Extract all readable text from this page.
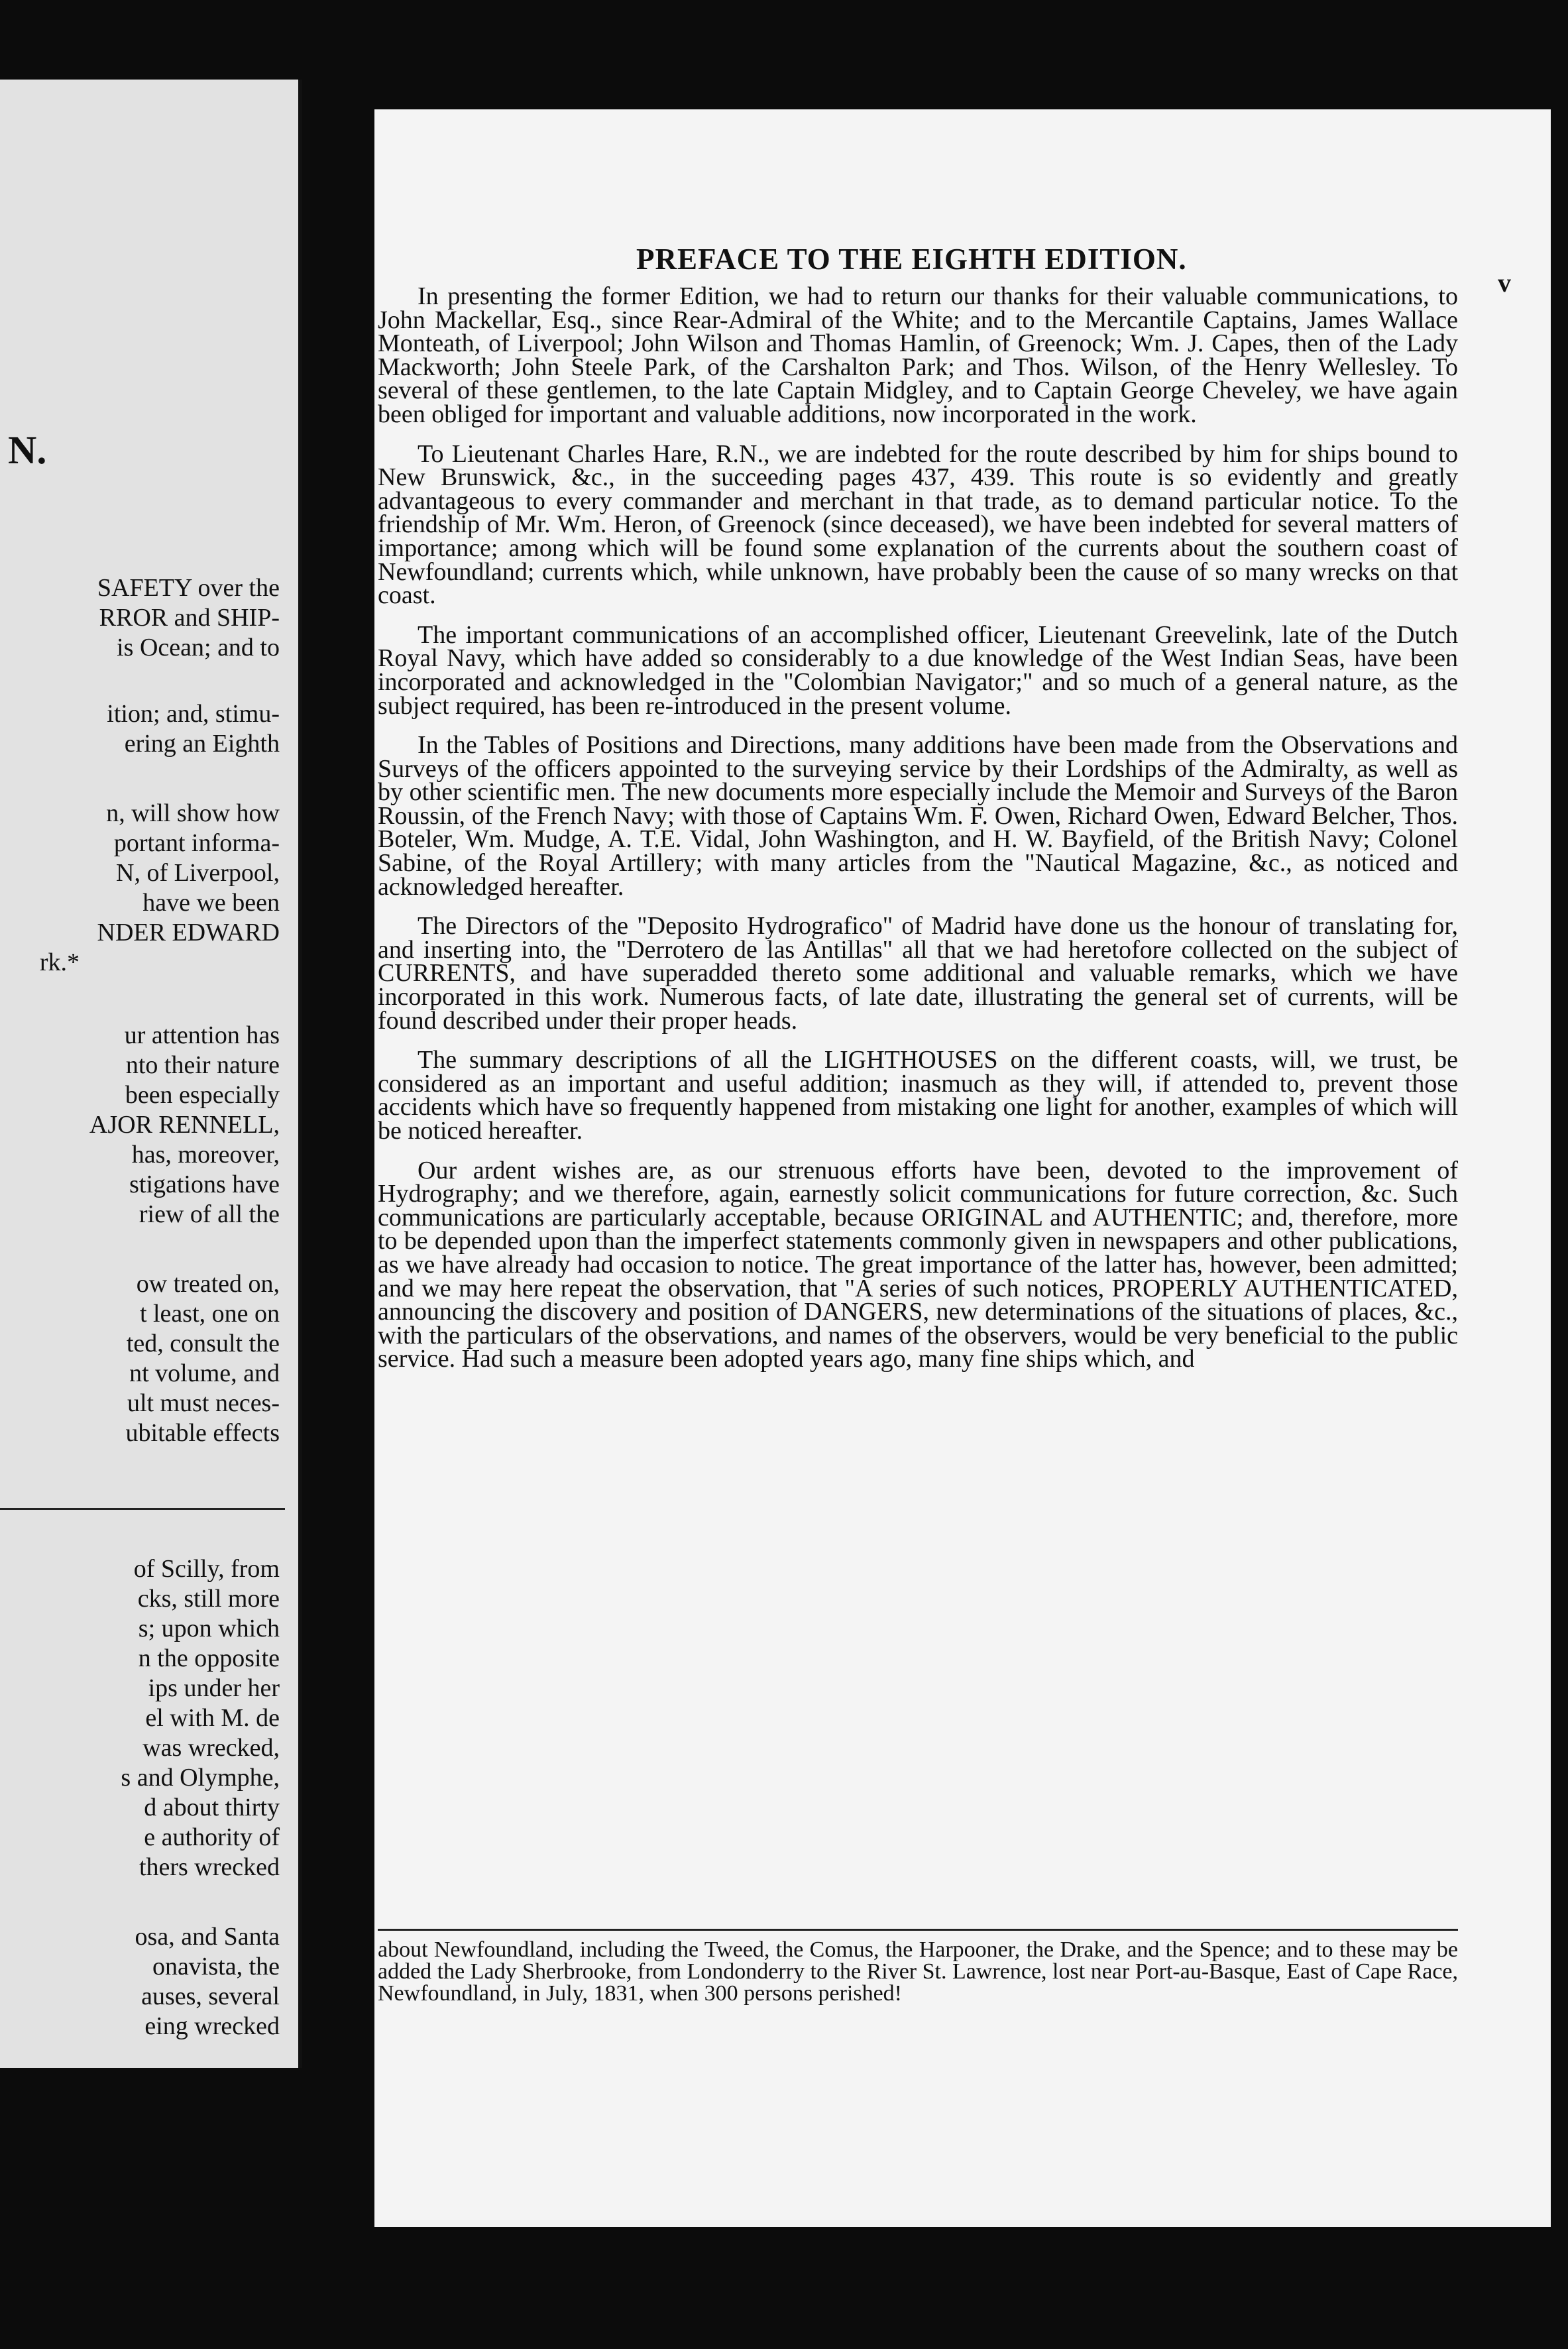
N.
SAFETY over the
RROR and SHIP-
is Ocean; and to
ition; and, stimu-
ering an Eighth
n, will show how
portant informa-
N, of Liverpool,
have we been
NDER EDWARD
rk.*
ur attention has
nto their nature
been especially
AJOR RENNELL,
has, moreover,
stigations have
riew of all the
ow treated on,
t least, one on
ted, consult the
nt volume, and
ult must neces-
ubitable effects
of Scilly, from
cks, still more
s; upon which
n the opposite
ips under her
el with M. de
was wrecked,
s and Olymphe,
d about thirty
e authority of
thers wrecked
osa, and Santa
onavista, the
auses, several
eing wrecked
PREFACE TO THE EIGHTH EDITION.
v

In presenting the former Edition, we had to return our thanks for their valuable communications, to John Mackellar, Esq., since Rear-Admiral of the White; and to the Mercantile Captains, James Wallace Monteath, of Liverpool; John Wilson and Thomas Hamlin, of Greenock; Wm. J. Capes, then of the Lady Mackworth; John Steele Park, of the Carshalton Park; and Thos. Wilson, of the Henry Wellesley. To several of these gentlemen, to the late Captain Midgley, and to Captain George Cheveley, we have again been obliged for important and valuable additions, now incorporated in the work.

To Lieutenant Charles Hare, R.N., we are indebted for the route described by him for ships bound to New Brunswick, &c., in the succeeding pages 437, 439. This route is so evidently and greatly advantageous to every commander and merchant in that trade, as to demand particular notice. To the friendship of Mr. Wm. Heron, of Greenock (since deceased), we have been indebted for several matters of importance; among which will be found some explanation of the currents about the southern coast of Newfoundland; currents which, while unknown, have probably been the cause of so many wrecks on that coast.

The important communications of an accomplished officer, Lieutenant Greevelink, late of the Dutch Royal Navy, which have added so considerably to a due knowledge of the West Indian Seas, have been incorporated and acknowledged in the "Colombian Navigator;" and so much of a general nature, as the subject required, has been re-introduced in the present volume.

In the Tables of Positions and Directions, many additions have been made from the Observations and Surveys of the officers appointed to the surveying service by their Lordships of the Admiralty, as well as by other scientific men. The new documents more especially include the Memoir and Surveys of the Baron Roussin, of the French Navy; with those of Captains Wm. F. Owen, Richard Owen, Edward Belcher, Thos. Boteler, Wm. Mudge, A. T.E. Vidal, John Washington, and H. W. Bayfield, of the British Navy; Colonel Sabine, of the Royal Artillery; with many articles from the "Nautical Magazine, &c., as noticed and acknowledged hereafter.

The Directors of the "Deposito Hydrografico" of Madrid have done us the honour of translating for, and inserting into, the "Derrotero de las Antillas" all that we had heretofore collected on the subject of CURRENTS, and have superadded thereto some additional and valuable remarks, which we have incorporated in this work. Numerous facts, of late date, illustrating the general set of currents, will be found described under their proper heads.

The summary descriptions of all the LIGHTHOUSES on the different coasts, will, we trust, be considered as an important and useful addition; inasmuch as they will, if attended to, prevent those accidents which have so frequently happened from mistaking one light for another, examples of which will be noticed hereafter.

Our ardent wishes are, as our strenuous efforts have been, devoted to the improvement of Hydrography; and we therefore, again, earnestly solicit communications for future correction, &c. Such communications are particularly acceptable, because ORIGINAL and AUTHENTIC; and, therefore, more to be depended upon than the imperfect statements commonly given in newspapers and other publications, as we have already had occasion to notice. The great importance of the latter has, however, been admitted; and we may here repeat the observation, that "A series of such notices, PROPERLY AUTHENTICATED, announcing the discovery and position of DANGERS, new determinations of the situations of places, &c., with the particulars of the observations, and names of the observers, would be very beneficial to the public service. Had such a measure been adopted years ago, many fine ships which, and

about Newfoundland, including the Tweed, the Comus, the Harpooner, the Drake, and the Spence; and to these may be added the Lady Sherbrooke, from Londonderry to the River St. Lawrence, lost near Port-au-Basque, East of Cape Race, Newfoundland, in July, 1831, when 300 persons perished!
